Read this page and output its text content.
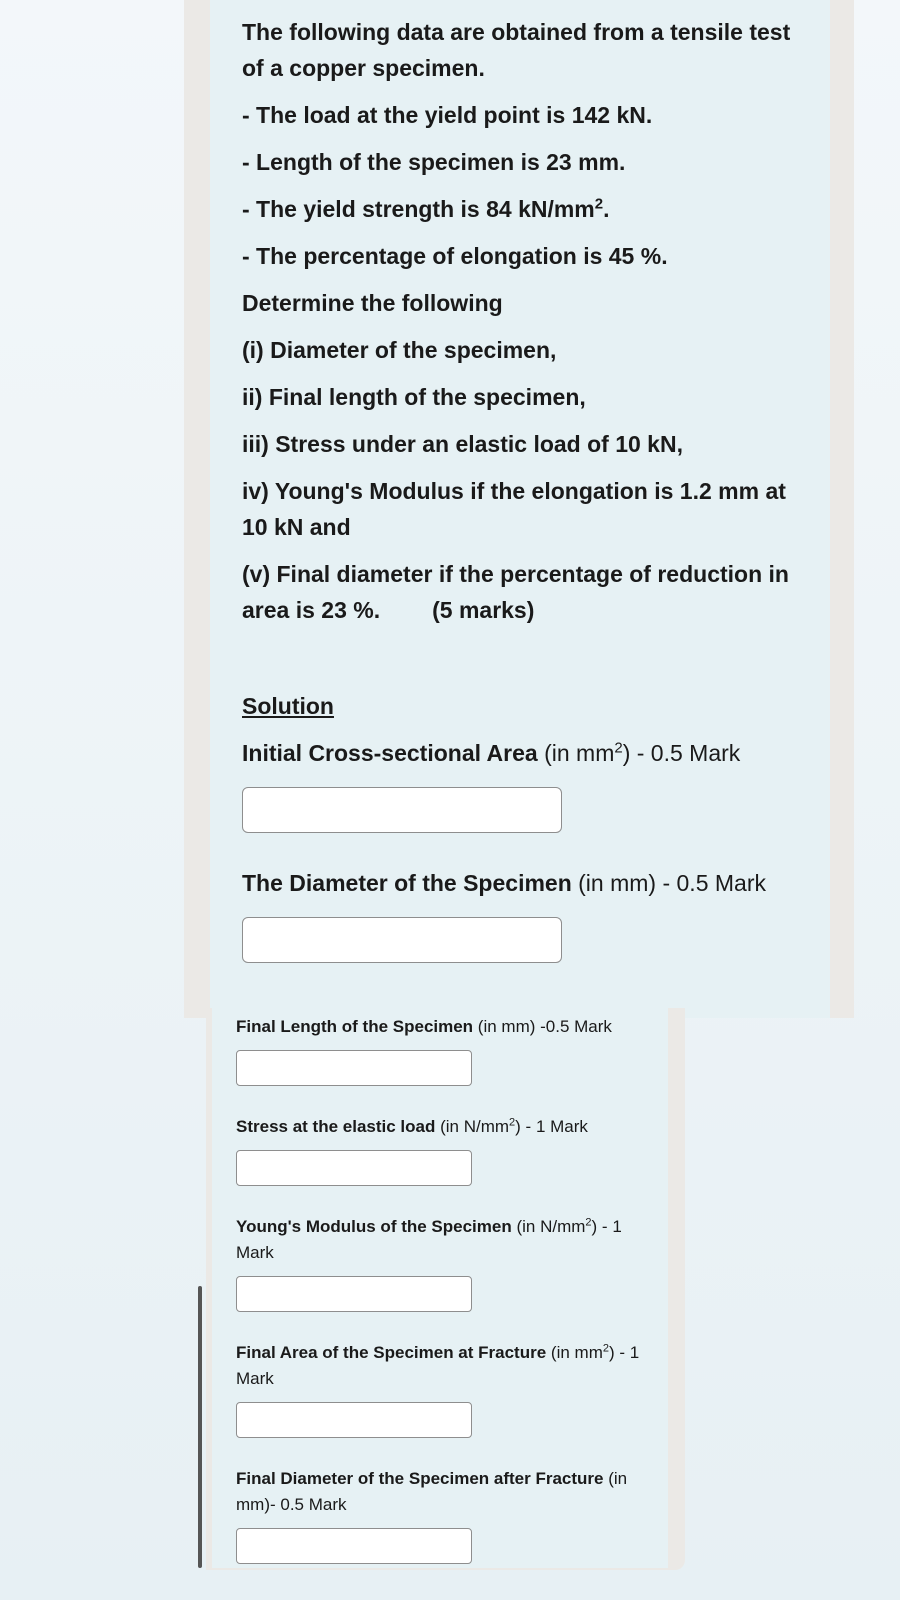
The following data are obtained from a tensile test of a copper specimen.

- The load at the yield point is 142 kN.

- Length of the specimen is 23 mm.

- The yield strength is 84 $kN/mm^2$.

- The percentage of elongation is 45 %.

Determine the following

(i) Diameter of the specimen,

ii) Final length of the specimen,

iii) Stress under an elastic load of 10 kN,

iv) Young's Modulus if the elongation is 1.2 mm at 10 kN and

(v) Final diameter if the percentage of reduction in area is 23 %. (5 marks)

Solution

Initial Cross-sectional Area (in $mm^2) - 0.5$ Mark

The Diameter of the Specimen (in mm) - 0.5 Mark

Final Length of the Specimen (in mm) -0.5 Mark

Stress at the elastic load (in $N/mm^2) - 1$ Mark

Young's Modulus of the Specimen (in $N/mm^2) - 1$ Mark

Final Area of the Specimen at Fracture (in $mm^2) - 1$ Mark

Final Diameter of the Specimen after Fracture (in mm)- 0.5 Mark
